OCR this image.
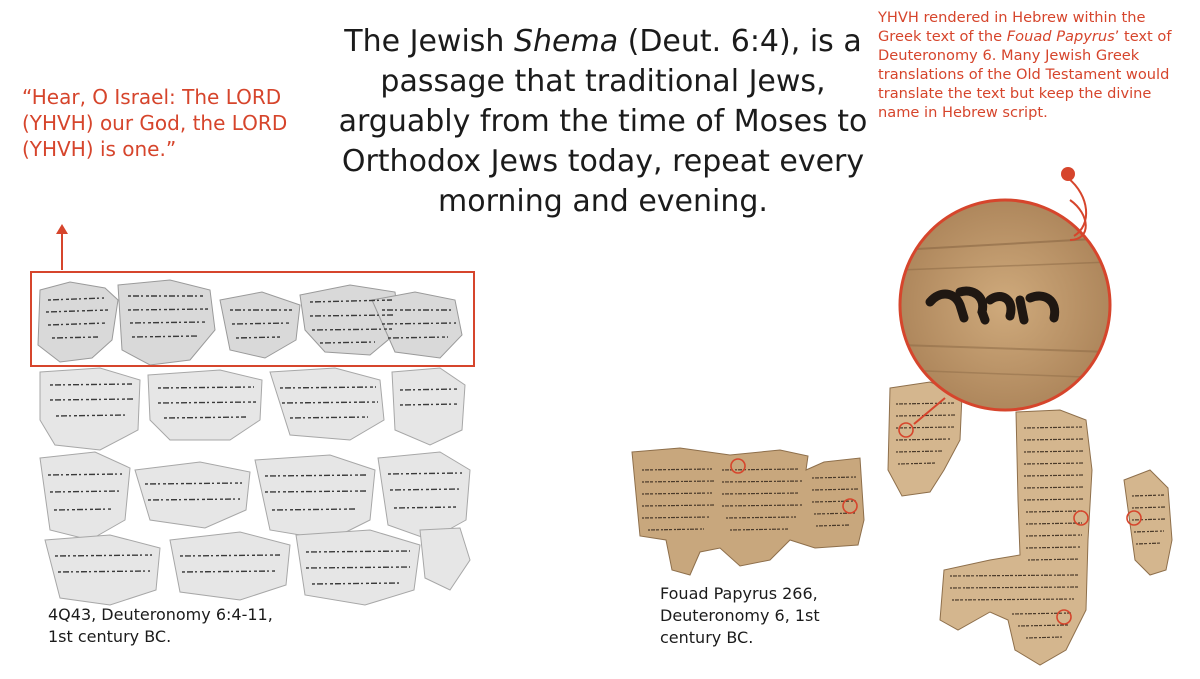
The Jewish Shema (Deut. 6:4), is a passage that traditional Jews, arguably from the time of Moses to Orthodox Jews today, repeat every morning and evening.
“Hear, O Israel: The LORD (YHVH) our God, the LORD (YHVH) is one.”
YHVH rendered in Hebrew within the Greek text of the Fouad Papyrus’ text of Deuteronomy 6. Many Jewish Greek translations of the Old Testament would translate the text but keep the divine name in Hebrew script.
4Q43, Deuteronomy 6:4-11, 1st century BC.
Fouad Papyrus 266, Deuteronomy 6, 1st century BC.
